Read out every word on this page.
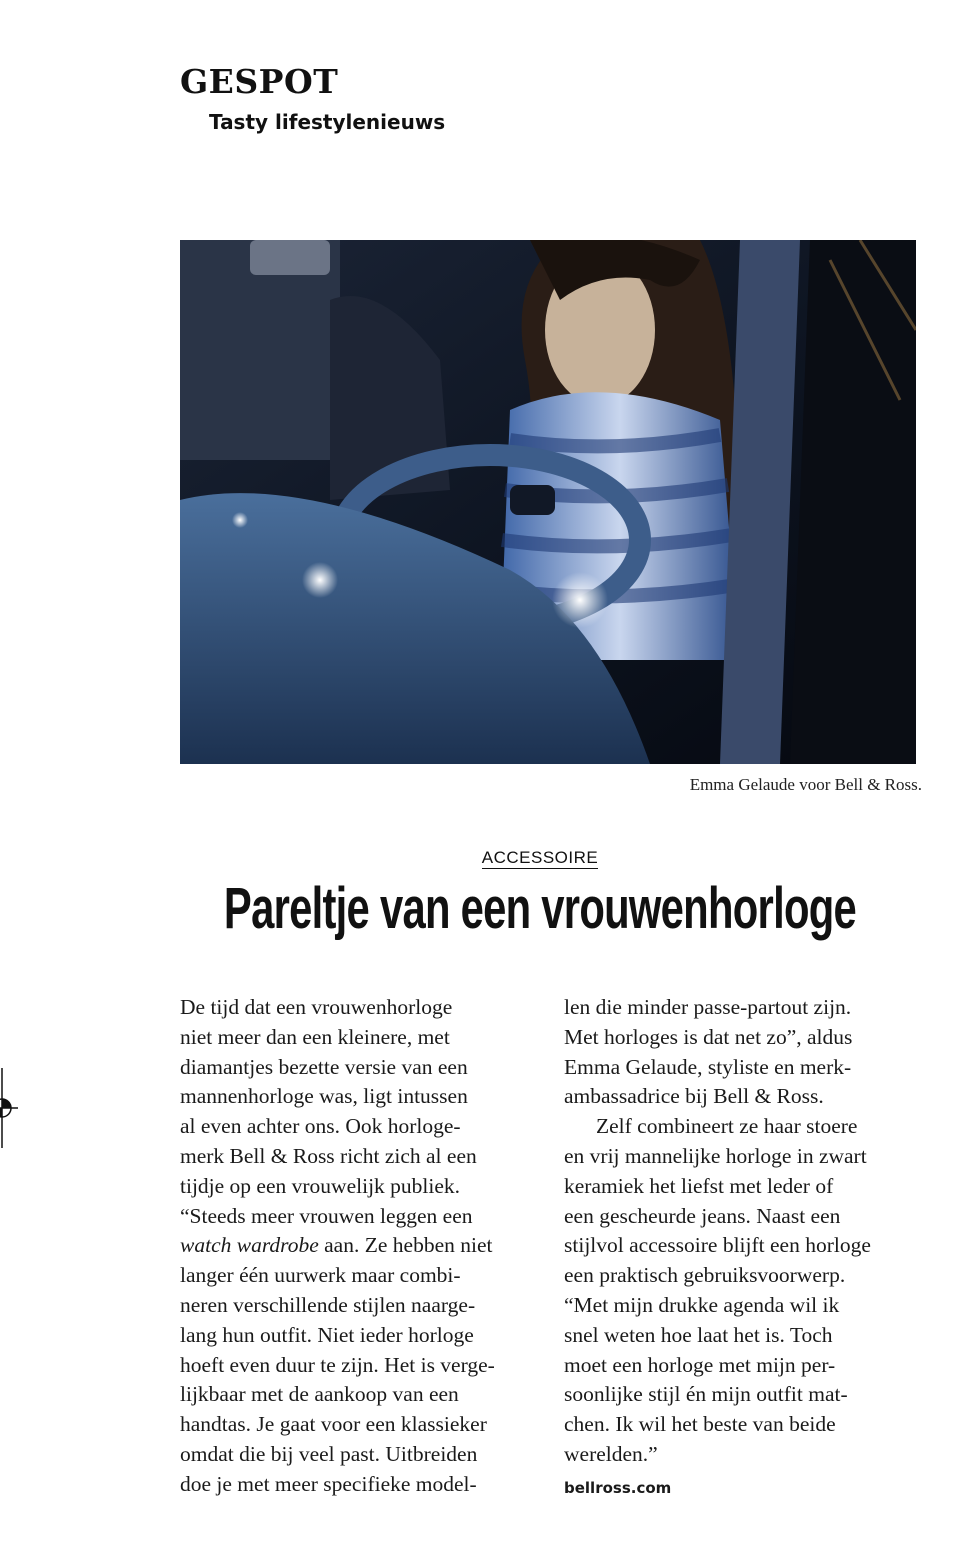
GESPOT
Tasty lifestylenieuws
Emma Gelaude voor Bell & Ross.
ACCESSOIRE
Pareltje van een vrouwenhorloge

De tijd dat een vrouwenhorloge
niet meer dan een kleinere, met
diamantjes bezette versie van een
mannenhorloge was, ligt intussen
al even achter ons. Ook horloge-
merk Bell & Ross richt zich al een
tijdje op een vrouwelijk publiek.
“Steeds meer vrouwen leggen een
watch wardrobe aan. Ze hebben niet
langer één uurwerk maar combi-
neren verschillende stijlen naarge-
lang hun outfit. Niet ieder horloge
hoeft even duur te zijn. Het is verge-
lijkbaar met de aankoop van een
handtas. Je gaat voor een klassieker
omdat die bij veel past. Uitbreiden
doe je met meer specifieke model-

len die minder passe-partout zijn.
Met horloges is dat net zo”, aldus
Emma Gelaude, styliste en merk-
ambassadrice bij Bell & Ross.

Zelf combineert ze haar stoere
en vrij mannelijke horloge in zwart
keramiek het liefst met leder of
een gescheurde jeans. Naast een
stijlvol accessoire blijft een horloge
een praktisch gebruiksvoorwerp.
“Met mijn drukke agenda wil ik
snel weten hoe laat het is. Toch
moet een horloge met mijn per-
soonlijke stijl én mijn outfit mat-
chen. Ik wil het beste van beide
werelden.”

bellross.com
